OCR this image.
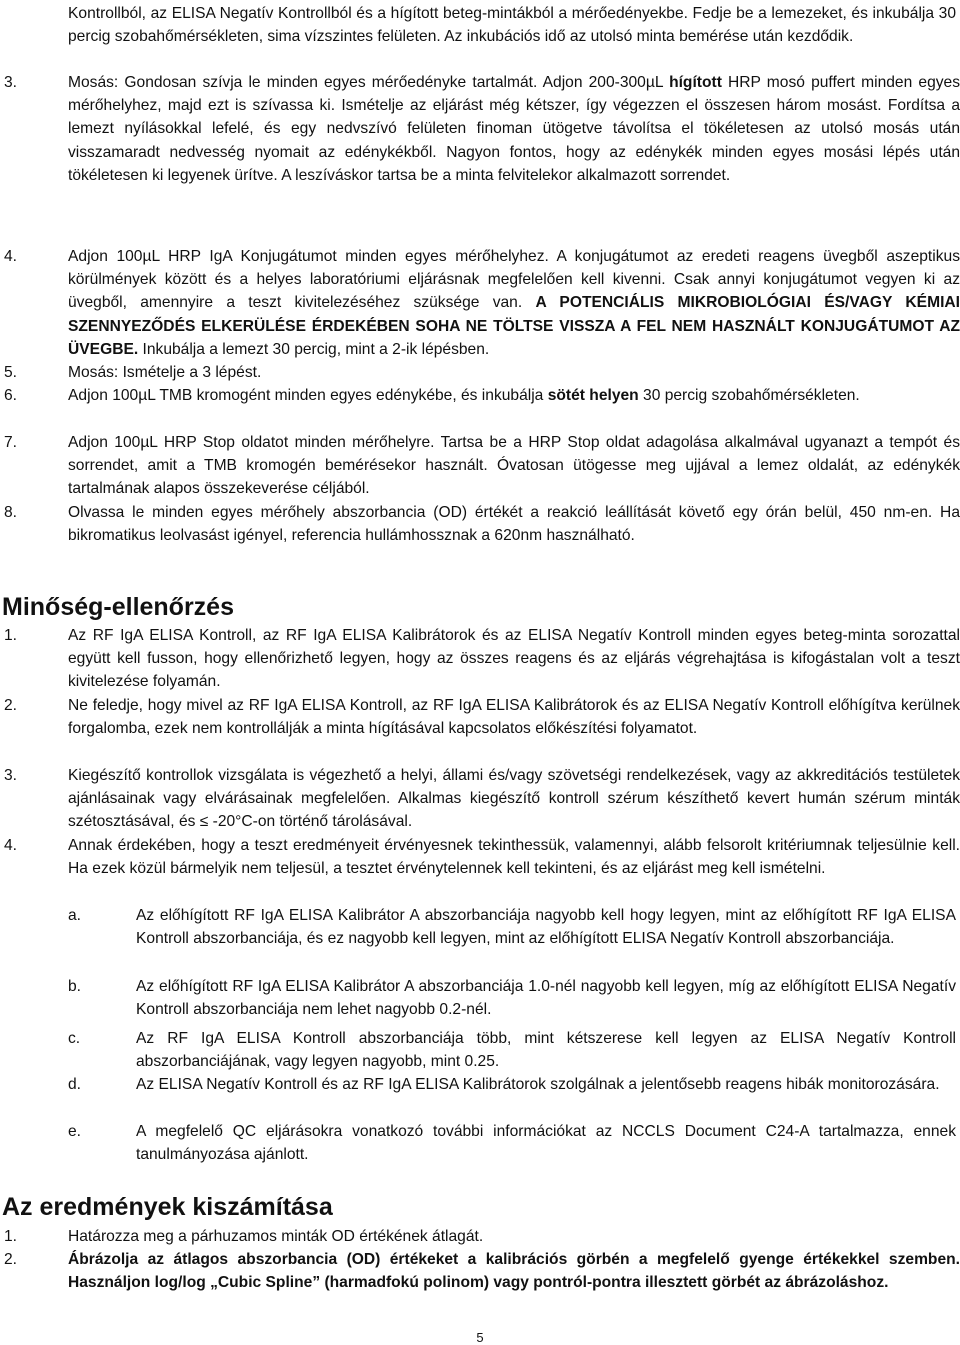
Kontrollból, az ELISA Negatív Kontrollból és a hígított beteg-mintákból a mérőedényekbe. Fedje be a lemezeket, és inkubálja 30 percig szobahőmérsékleten, sima vízszintes felületen. Az inkubációs idő az utolsó minta bemérése után kezdődik.
3.	Mosás: Gondosan szívja le minden egyes mérőedényke tartalmát. Adjon 200-300µL hígított HRP mosó puffert minden egyes mérőhelyhez, majd ezt is szívassa ki. Ismételje az eljárást még kétszer, így végezzen el összesen három mosást. Fordítsa a lemezt nyílásokkal lefelé, és egy nedvszívó felületen finoman ütögetve távolítsa el tökéletesen az utolsó mosás után visszamaradt nedvesség nyomait az edénykékből. Nagyon fontos, hogy az edénykék minden egyes mosási lépés után tökéletesen ki legyenek ürítve. A leszíváskor tartsa be a minta felvitelekor alkalmazott sorrendet.
4.	Adjon 100µL HRP IgA Konjugátumot minden egyes mérőhelyhez. A konjugátumot az eredeti reagens üvegből aszeptikus körülmények között és a helyes laboratóriumi eljárásnak megfelelően kell kivenni. Csak annyi konjugátumot vegyen ki az üvegből, amennyire a teszt kivitelezéséhez szüksége van. A POTENCIÁLIS MIKROBIOLÓGIAI ÉS/VAGY KÉMIAI SZENNYEZŐDÉS ELKERÜLÉSE ÉRDEKÉBEN SOHA NE TÖLTSE VISSZA A FEL NEM HASZNÁLT KONJUGÁTUMOT AZ ÜVEGBE. Inkubálja a lemezt 30 percig, mint a 2-ik lépésben.
5.	Mosás: Ismételje a 3 lépést.
6.	Adjon 100µL TMB kromogént minden egyes edénykébe, és inkubálja sötét helyen 30 percig szobahőmérsékleten.
7.	Adjon 100µL HRP Stop oldatot minden mérőhelyre. Tartsa be a HRP Stop oldat adagolása alkalmával ugyanazt a tempót és sorrendet, amit a TMB kromogén bemérésekor használt. Óvatosan ütögesse meg ujjával a lemez oldalát, az edénykék tartalmának alapos összekeverése céljából.
8.	Olvassa le minden egyes mérőhely abszorbancia (OD) értékét a reakció leállítását követő egy órán belül, 450 nm-en. Ha bikromatikus leolvasást igényel, referencia hullámhossznak a 620nm használható.
Minőség-ellenőrzés
1.	Az RF IgA ELISA Kontroll, az RF IgA ELISA Kalibrátorok és az ELISA Negatív Kontroll minden egyes beteg-minta sorozattal együtt kell fusson, hogy ellenőrizhető legyen, hogy az összes reagens és az eljárás végrehajtása is kifogástalan volt a teszt kivitelezése folyamán.
2.	Ne feledje, hogy mivel az RF IgA ELISA Kontroll, az RF IgA ELISA Kalibrátorok és az ELISA Negatív Kontroll előhígítva kerülnek forgalomba, ezek nem kontrollálják a minta hígításával kapcsolatos előkészítési folyamatot.
3.	Kiegészítő kontrollok vizsgálata is végezhető a helyi, állami és/vagy szövetségi rendelkezések, vagy az akkreditációs testületek ajánlásainak vagy elvárásainak megfelelően. Alkalmas kiegészítő kontroll szérum készíthető kevert humán szérum minták szétosztásával, és ≤ -20°C-on történő tárolásával.
4.	Annak érdekében, hogy a teszt eredményeit érvényesnek tekinthessük, valamennyi, alább felsorolt kritériumnak teljesülnie kell. Ha ezek közül bármelyik nem teljesül, a tesztet érvénytelennek kell tekinteni, és az eljárást meg kell ismételni.
a.	Az előhígított RF IgA ELISA Kalibrátor A abszorbanciája nagyobb kell hogy legyen, mint az előhígított RF IgA ELISA Kontroll abszorbanciája, és ez nagyobb kell legyen, mint az előhígított ELISA Negatív Kontroll abszorbanciája.
b.	Az előhígított RF IgA ELISA Kalibrátor A abszorbanciája 1.0-nél nagyobb kell legyen, míg az előhígított ELISA Negatív Kontroll abszorbanciája nem lehet nagyobb 0.2-nél.
c.	Az RF IgA ELISA Kontroll abszorbanciája több, mint kétszerese kell legyen az ELISA Negatív Kontroll abszorbanciájának, vagy legyen nagyobb, mint 0.25.
d.	Az ELISA Negatív Kontroll és az RF IgA ELISA Kalibrátorok szolgálnak a jelentősebb reagens hibák monitorozására.
e.	A megfelelő QC eljárásokra vonatkozó további információkat az NCCLS Document C24-A tartalmazza, ennek tanulmányozása ajánlott.
Az eredmények kiszámítása
1.	Határozza meg a párhuzamos minták OD értékének átlagát.
2.	Ábrázolja az átlagos abszorbancia (OD) értékeket a kalibrációs görbén a megfelelő gyenge értékekkel szemben. Használjon log/log „Cubic Spline” (harmadfokú polinom) vagy pontról-pontra illesztett görbét az ábrázoláshoz.
5
